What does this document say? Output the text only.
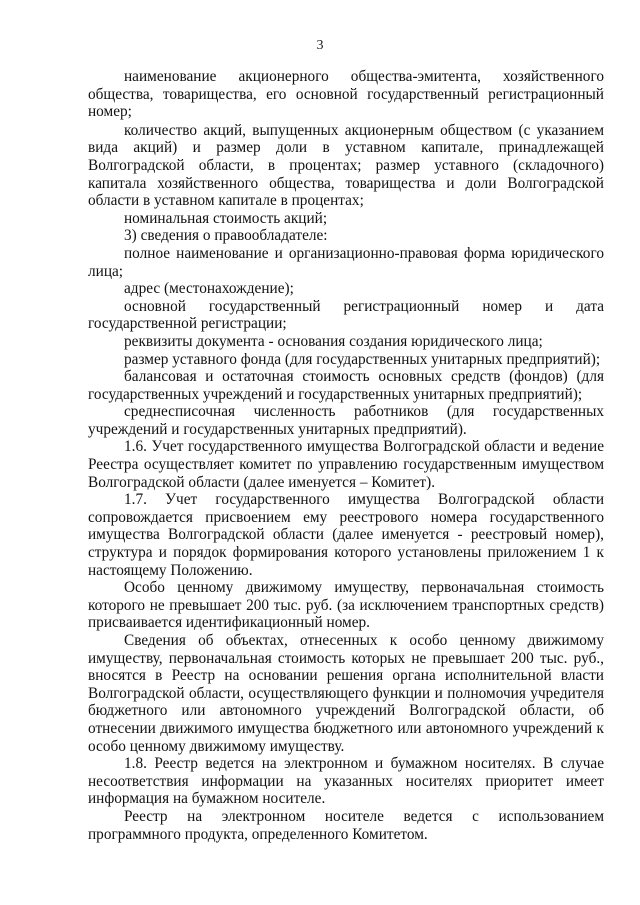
3

наименование акционерного общества-эмитента, хозяйственного общества, товарищества, его основной государственный регистрационный номер;

количество акций, выпущенных акционерным обществом (с указанием вида акций) и размер доли в уставном капитале, принадлежащей Волгоградской области, в процентах; размер уставного (складочного) капитала хозяйственного общества, товарищества и доли Волгоградской области в уставном капитале в процентах;

номинальная стоимость акций;

3) сведения о правообладателе:

полное наименование и организационно-правовая форма юридического лица;

адрес (местонахождение);

основной государственный регистрационный номер и дата государственной регистрации;

реквизиты документа - основания создания юридического лица;

размер уставного фонда (для государственных унитарных предприятий);

балансовая и остаточная стоимость основных средств (фондов) (для государственных учреждений и государственных унитарных предприятий);

среднесписочная численность работников (для государственных учреждений и государственных унитарных предприятий).

1.6. Учет государственного имущества Волгоградской области и ведение Реестра осуществляет комитет по управлению государственным имуществом Волгоградской области (далее именуется – Комитет).

1.7. Учет государственного имущества Волгоградской области сопровождается присвоением ему реестрового номера государственного имущества Волгоградской области (далее именуется - реестровый номер), структура и порядок формирования которого установлены приложением 1 к настоящему Положению.

Особо ценному движимому имуществу, первоначальная стоимость которого не превышает 200 тыс. руб. (за исключением транспортных средств) присваивается идентификационный номер.

Сведения об объектах, отнесенных к особо ценному движимому имуществу, первоначальная стоимость которых не превышает 200 тыс. руб., вносятся в Реестр на основании решения органа исполнительной власти Волгоградской области, осуществляющего функции и полномочия учредителя бюджетного или автономного учреждений Волгоградской области, об отнесении движимого имущества бюджетного или автономного учреждений к особо ценному движимому имуществу.

1.8. Реестр ведется на электронном и бумажном носителях. В случае несоответствия информации на указанных носителях приоритет имеет информация на бумажном носителе.

Реестр на электронном носителе ведется с использованием программного продукта, определенного Комитетом.
